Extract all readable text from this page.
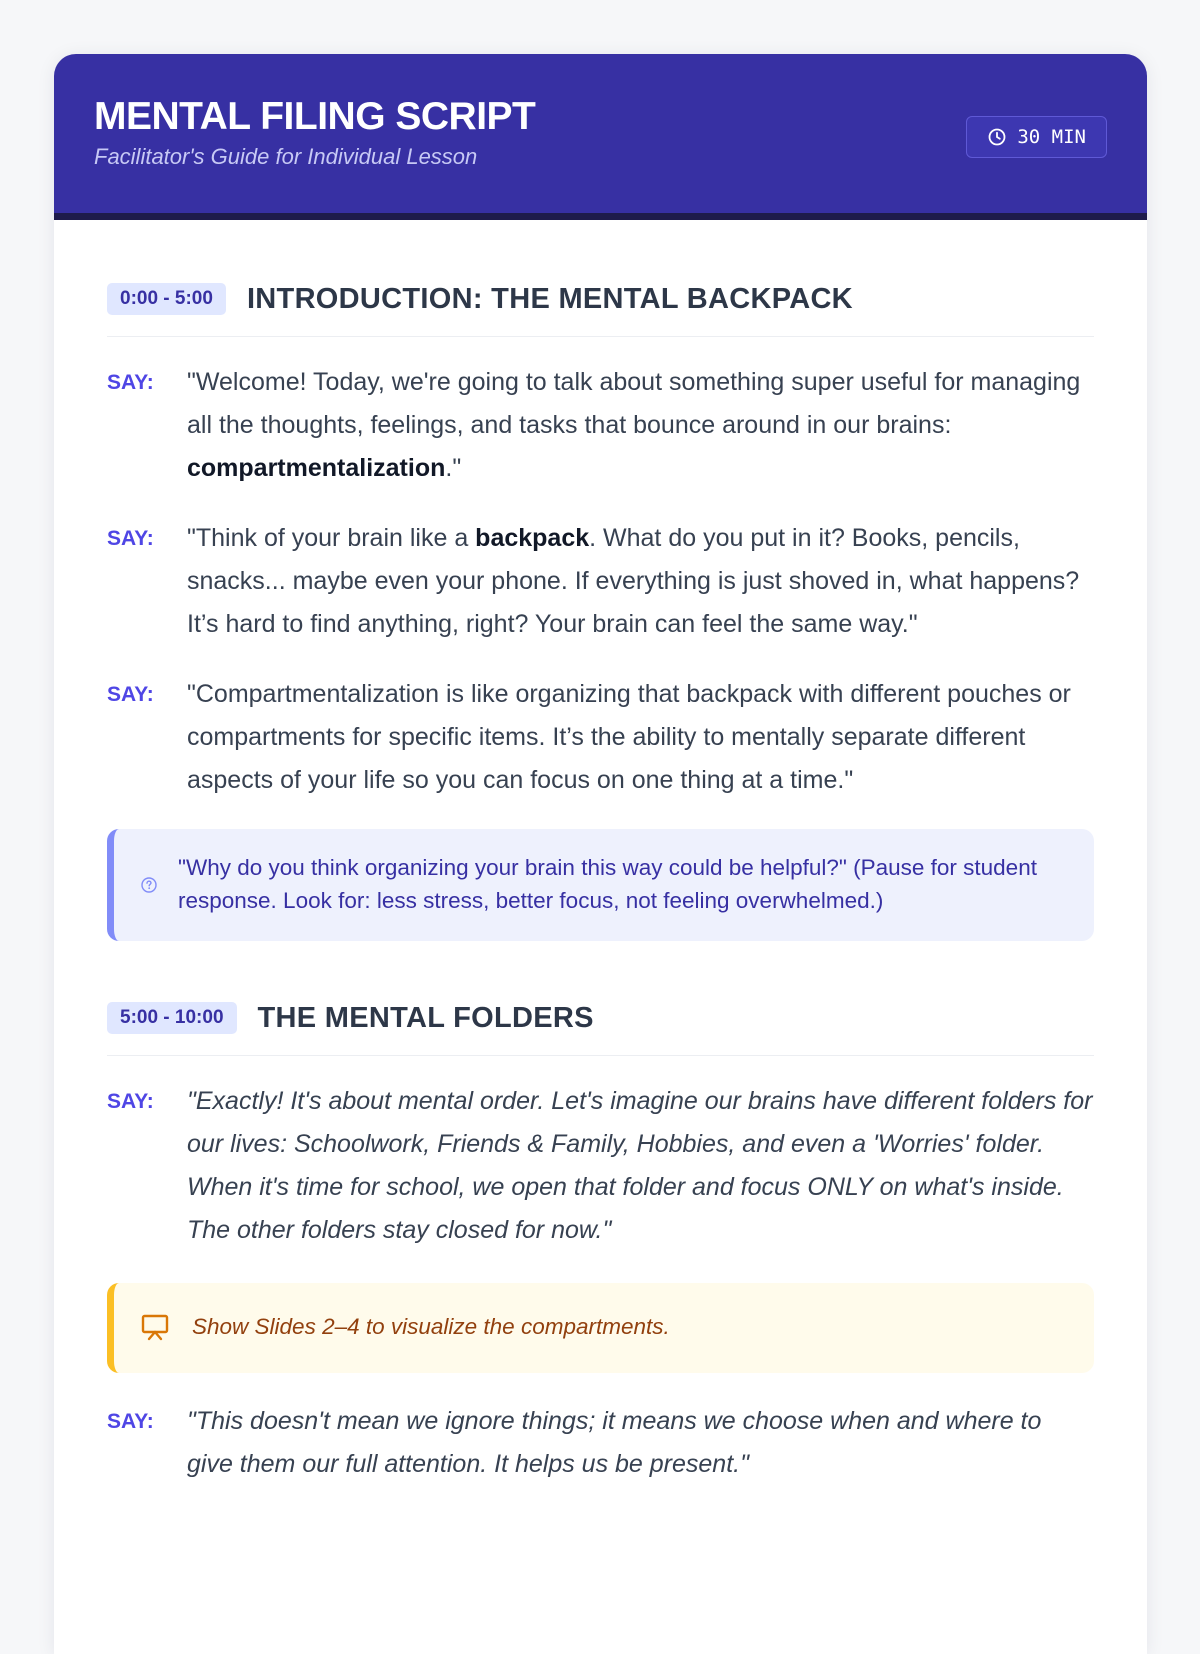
MENTAL FILING SCRIPT
Facilitator's Guide for Individual Lesson
30 MIN
0:00 - 5:00	INTRODUCTION: THE MENTAL BACKPACK
SAY:	"Welcome! Today, we're going to talk about something super useful for managing all the thoughts, feelings, and tasks that bounce around in our brains: compartmentalization."
SAY:	"Think of your brain like a backpack. What do you put in it? Books, pencils, snacks... maybe even your phone. If everything is just shoved in, what happens? It’s hard to find anything, right? Your brain can feel the same way."
SAY:	"Compartmentalization is like organizing that backpack with different pouches or compartments for specific items. It’s the ability to mentally separate different aspects of your life so you can focus on one thing at a time."
"Why do you think organizing your brain this way could be helpful?" (Pause for student response. Look for: less stress, better focus, not feeling overwhelmed.)
5:00 - 10:00	THE MENTAL FOLDERS
SAY:	"Exactly! It's about mental order. Let's imagine our brains have different folders for our lives: Schoolwork, Friends & Family, Hobbies, and even a 'Worries' folder. When it's time for school, we open that folder and focus ONLY on what's inside. The other folders stay closed for now."
Show Slides 2–4 to visualize the compartments.
SAY:	"This doesn't mean we ignore things; it means we choose when and where to give them our full attention. It helps us be present."
